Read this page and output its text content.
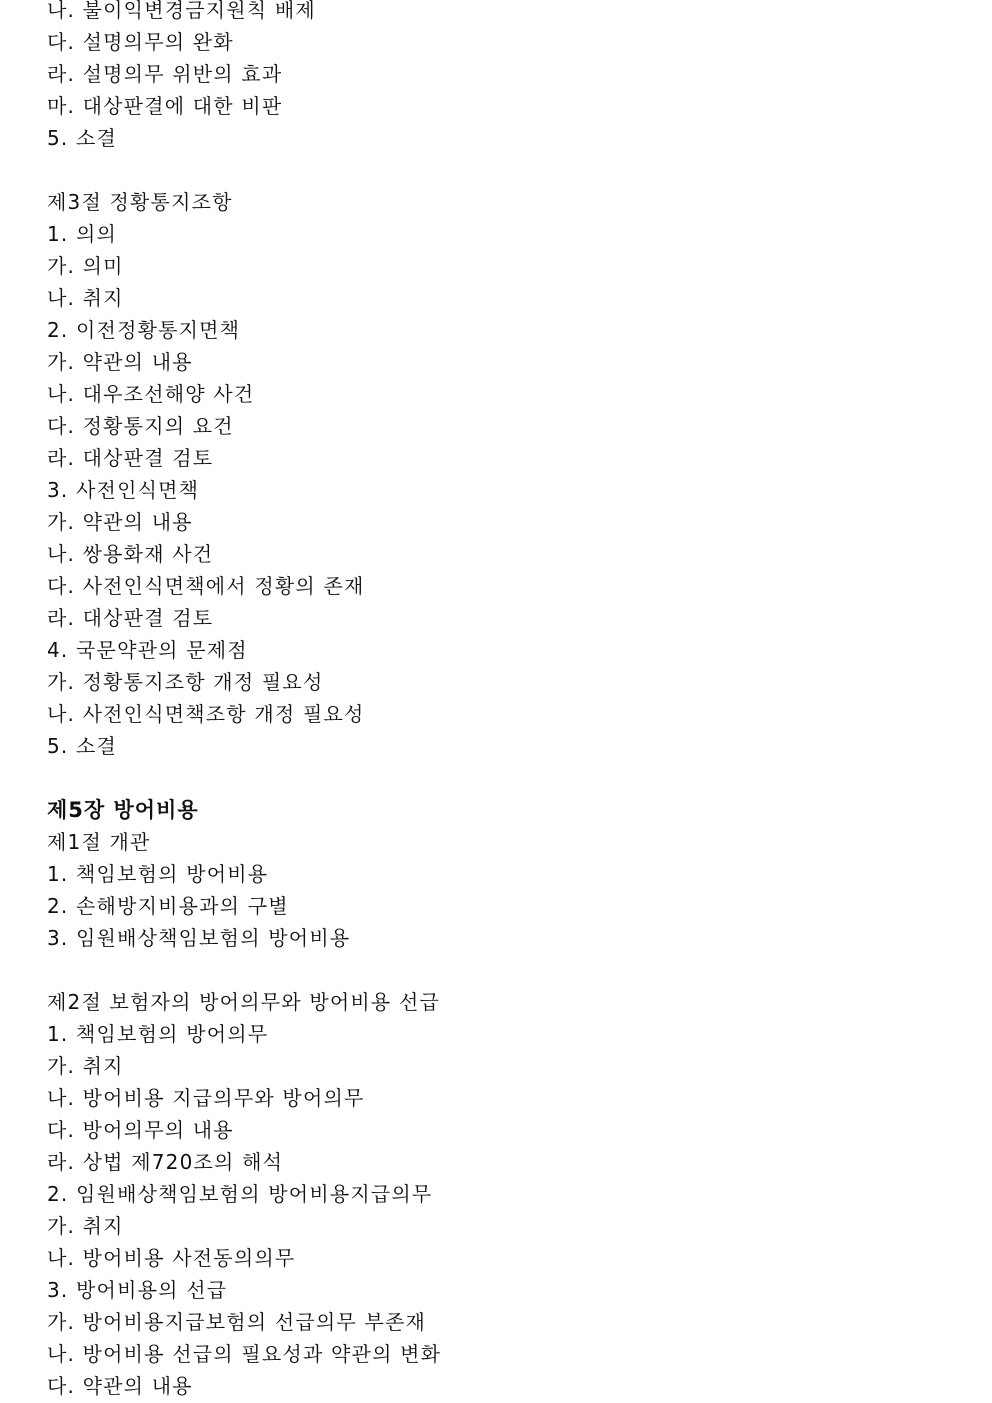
나. 불이익변경금지원칙 배제
다. 설명의무의 완화
라. 설명의무 위반의 효과
마. 대상판결에 대한 비판
5. 소결
제3절 정황통지조항
1. 의의
가. 의미
나. 취지
2. 이전정황통지면책
가. 약관의 내용
나. 대우조선해양 사건
다. 정황통지의 요건
라. 대상판결 검토
3. 사전인식면책
가. 약관의 내용
나. 쌍용화재 사건
다. 사전인식면책에서 정황의 존재
라. 대상판결 검토
4. 국문약관의 문제점
가. 정황통지조항 개정 필요성
나. 사전인식면책조항 개정 필요성
5. 소결
제5장 방어비용
제1절 개관
1. 책임보험의 방어비용
2. 손해방지비용과의 구별
3. 임원배상책임보험의 방어비용
제2절 보험자의 방어의무와 방어비용 선급
1. 책임보험의 방어의무
가. 취지
나. 방어비용 지급의무와 방어의무
다. 방어의무의 내용
라. 상법 제720조의 해석
2. 임원배상책임보험의 방어비용지급의무
가. 취지
나. 방어비용 사전동의의무
3. 방어비용의 선급
가. 방어비용지급보험의 선급의무 부존재
나. 방어비용 선급의 필요성과 약관의 변화
다. 약관의 내용
